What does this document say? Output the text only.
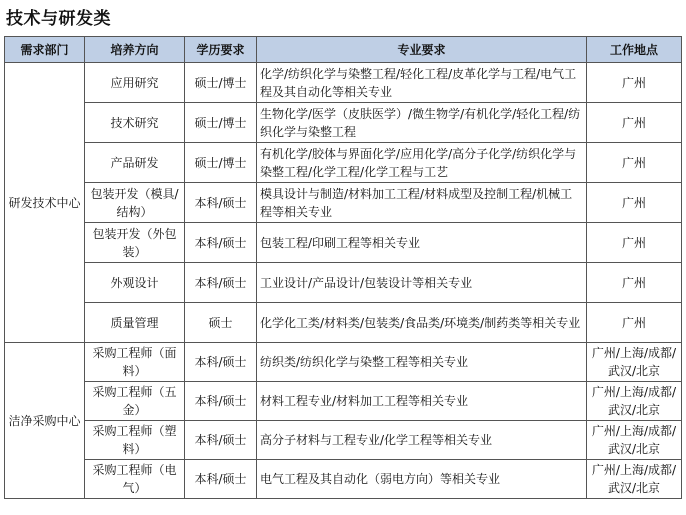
技术与研发类
需求部门	培养方向	学历要求	专业要求	工作地点
研发技术中心	应用研究	硕士/博士	化学/纺织化学与染整工程/轻化工程/皮革化学与工程/电气工程及其自动化等相关专业	广州
	技术研究	硕士/博士	生物化学/医学（皮肤医学）/微生物学/有机化学/轻化工程/纺织化学与染整工程	广州
	产品研发	硕士/博士	有机化学/胶体与界面化学/应用化学/高分子化学/纺织化学与染整工程/化学工程/化学工程与工艺	广州
	包装开发（模具/结构）	本科/硕士	模具设计与制造/材料加工工程/材料成型及控制工程/机械工程等相关专业	广州
	包装开发（外包装）	本科/硕士	包装工程/印刷工程等相关专业	广州
	外观设计	本科/硕士	工业设计/产品设计/包装设计等相关专业	广州
	质量管理	硕士	化学化工类/材料类/包装类/食品类/环境类/制药类等相关专业	广州
洁净采购中心	采购工程师（面料）	本科/硕士	纺织类/纺织化学与染整工程等相关专业	广州/上海/成都/武汉/北京
	采购工程师（五金）	本科/硕士	材料工程专业/材料加工工程等相关专业	广州/上海/成都/武汉/北京
	采购工程师（塑料）	本科/硕士	高分子材料与工程专业/化学工程等相关专业	广州/上海/成都/武汉/北京
	采购工程师（电气）	本科/硕士	电气工程及其自动化（弱电方向）等相关专业	广州/上海/成都/武汉/北京
